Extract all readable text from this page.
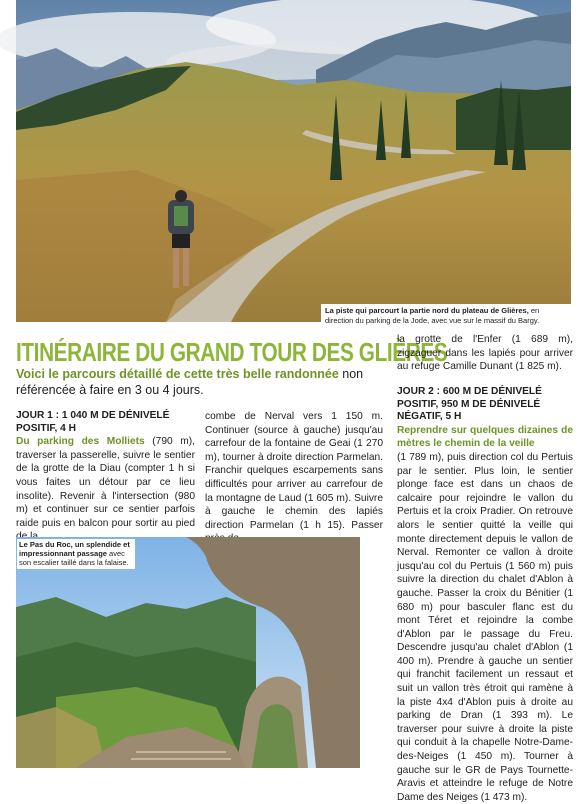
La piste qui parcourt la partie nord du plateau de Glières, en direction du parking de la Jode, avec vue sur le massif du Bargy.
ITINÉRAIRE DU GRAND TOUR DES GLIÈRES
Voici le parcours détaillé de cette très belle randonnée non référencée à faire en 3 ou 4 jours.
JOUR 1 : 1 040 M DE DÉNIVELÉ POSITIF, 4 H
Du parking des Molliets (790 m), traverser la passerelle, suivre le sentier de la grotte de la Diau (compter 1 h si vous faites un détour par ce lieu insolite). Revenir à l'intersection (980 m) et continuer sur ce sentier parfois raide puis en balcon pour sortir au pied
combe de Nerval vers 1 150 m. Continuer (source à gauche) jusqu'au carrefour de la fontaine de Geai (1 270 m), tourner à droite direction Parmelan. Franchir quelques escarpements sans difficultés pour arriver au carrefour de la montagne de Laud (1 605 m). Suivre à gauche le chemin des lapiés direction Parmelan (1 h 15). Passer
la grotte de l'Enfer (1 689 m), zigzaguer dans les lapiés pour arriver au refuge Camille Dunant (1 825 m).
JOUR 2 : 600 M DE DÉNIVELÉ POSITIF, 950 M DE DÉNIVELÉ NÉGATIF, 5 H
Reprendre sur quelques dizaines de mètres le chemin de la veille
(1 789 m), puis direction col du Pertuis par le sentier. Plus loin, le sentier plonge face est dans un chaos de calcaire pour rejoindre le vallon du Pertuis et la croix Pradier. On retrouve alors le sentier quitté la veille qui monte directement depuis le vallon de Nerval. Remonter ce vallon à droite jusqu'au col du Pertuis (1 560 m) puis suivre la direction du chalet d'Ablon à gauche. Passer la croix du Bénitier (1 680 m) pour basculer flanc est du mont Téret et rejoindre la combe d'Ablon par le passage du Freu. Descendre jusqu'au chalet d'Ablon (1 400 m). Prendre à gauche un sentier qui franchit facilement un ressaut et suit un vallon très étroit qui ramène à la piste 4x4 d'Ablon puis à droite au parking de Dran (1 393 m). Le traverser pour suivre à droite la piste qui conduit à la chapelle Notre-Dame-des-Neiges (1 450 m). Tourner à gauche sur le GR de Pays Tournette-Aravis et atteindre le refuge de Notre Dame des Neiges (1 473 m).
Le Pas du Roc, un splendide et impressionnant passage avec son escalier taillé dans la falaise.
